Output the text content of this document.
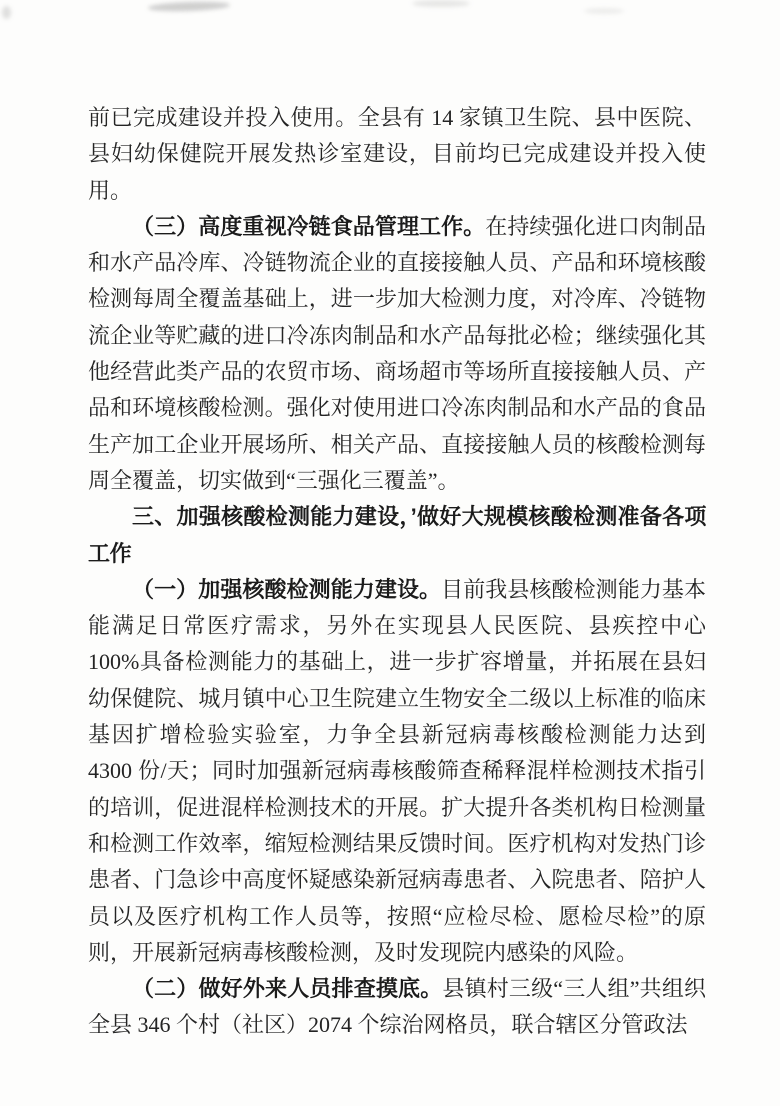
前已完成建设并投入使用。全县有 14 家镇卫生院、县中医院、县妇幼保健院开展发热诊室建设，目前均已完成建设并投入使用。

（三）高度重视冷链食品管理工作。在持续强化进口肉制品和水产品冷库、冷链物流企业的直接接触人员、产品和环境核酸检测每周全覆盖基础上，进一步加大检测力度，对冷库、冷链物流企业等贮藏的进口冷冻肉制品和水产品每批必检；继续强化其他经营此类产品的农贸市场、商场超市等场所直接接触人员、产品和环境核酸检测。强化对使用进口冷冻肉制品和水产品的食品生产加工企业开展场所、相关产品、直接接触人员的核酸检测每周全覆盖，切实做到“三强化三覆盖”。

三、加强核酸检测能力建设，’做好大规模核酸检测准备各项工作

（一）加强核酸检测能力建设。目前我县核酸检测能力基本能满足日常医疗需求，另外在实现县人民医院、县疾控中心 100%具备检测能力的基础上，进一步扩容增量，并拓展在县妇幼保健院、城月镇中心卫生院建立生物安全二级以上标准的临床基因扩增检验实验室，力争全县新冠病毒核酸检测能力达到 4300 份/天；同时加强新冠病毒核酸筛查稀释混样检测技术指引的培训，促进混样检测技术的开展。扩大提升各类机构日检测量和检测工作效率，缩短检测结果反馈时间。医疗机构对发热门诊患者、门急诊中高度怀疑感染新冠病毒患者、入院患者、陪护人员以及医疗机构工作人员等，按照“应检尽检、愿检尽检”的原则，开展新冠病毒核酸检测，及时发现院内感染的风险。

（二）做好外来人员排查摸底。县镇村三级“三人组”共组织全县 346 个村（社区）2074 个综治网格员，联合辖区分管政法
